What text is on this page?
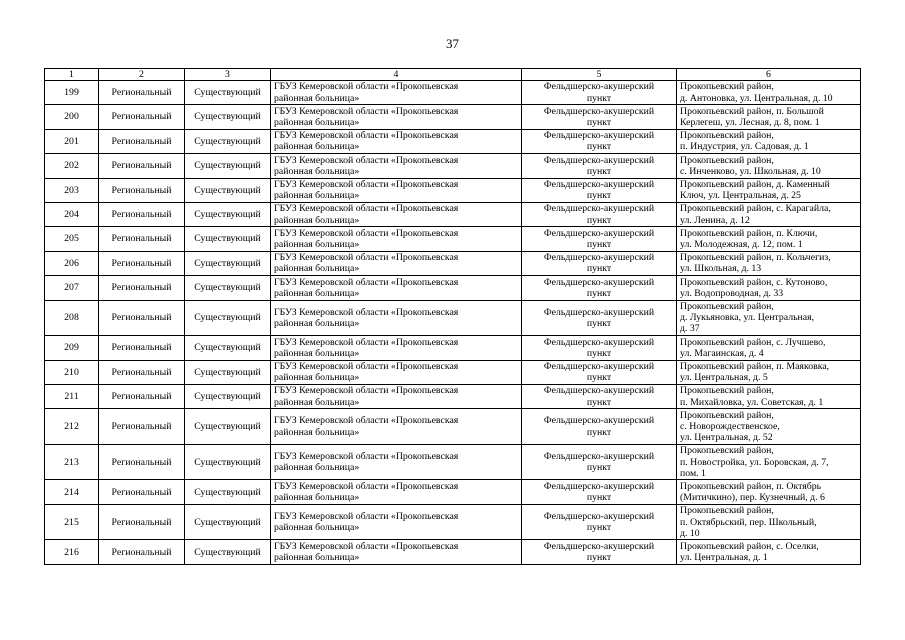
37
1	2	3	4	5	6
199	Региональный	Существующий	ГБУЗ Кемеровской области «Прокопьевская
районная больница»	Фельдшерско-акушерский
пункт	Прокопьевский район,
д. Антоновка, ул. Центральная, д. 10

200	Региональный	Существующий	ГБУЗ Кемеровской области «Прокопьевская
районная больница»	Фельдшерско-акушерский
пункт	Прокопьевский район, п. Большой
Керлегеш, ул. Лесная, д. 8, пом. 1

201	Региональный	Существующий	ГБУЗ Кемеровской области «Прокопьевская
районная больница»	Фельдшерско-акушерский
пункт	Прокопьевский район,
п. Индустрия, ул. Садовая, д. 1

202	Региональный	Существующий	ГБУЗ Кемеровской области «Прокопьевская
районная больница»	Фельдшерско-акушерский
пункт	Прокопьевский район,
с. Инченково, ул. Школьная, д. 10

203	Региональный	Существующий	ГБУЗ Кемеровской области «Прокопьевская
районная больница»	Фельдшерско-акушерский
пункт	Прокопьевский район, д. Каменный
Ключ, ул. Центральная, д. 25

204	Региональный	Существующий	ГБУЗ Кемеровской области «Прокопьевская
районная больница»	Фельдшерско-акушерский
пункт	Прокопьевский район, с. Карагайла,
ул. Ленина, д. 12

205	Региональный	Существующий	ГБУЗ Кемеровской области «Прокопьевская
районная больница»	Фельдшерско-акушерский
пункт	Прокопьевский район, п. Ключи,
ул. Молодежная, д. 12, пом. 1

206	Региональный	Существующий	ГБУЗ Кемеровской области «Прокопьевская
районная больница»	Фельдшерско-акушерский
пункт	Прокопьевский район, п. Кольчегиз,
ул. Школьная, д. 13

207	Региональный	Существующий	ГБУЗ Кемеровской области «Прокопьевская
районная больница»	Фельдшерско-акушерский
пункт	Прокопьевский район, с. Кутоново,
ул. Водопроводная, д. 33

208	Региональный	Существующий	ГБУЗ Кемеровской области «Прокопьевская
районная больница»	Фельдшерско-акушерский
пункт	Прокопьевский район,
д. Лукьяновка, ул. Центральная,
д. 37

209	Региональный	Существующий	ГБУЗ Кемеровской области «Прокопьевская
районная больница»	Фельдшерско-акушерский
пункт	Прокопьевский район, с. Лучшево,
ул. Магаинская, д. 4

210	Региональный	Существующий	ГБУЗ Кемеровской области «Прокопьевская
районная больница»	Фельдшерско-акушерский
пункт	Прокопьевский район, п. Маяковка,
ул. Центральная, д. 5

211	Региональный	Существующий	ГБУЗ Кемеровской области «Прокопьевская
районная больница»	Фельдшерско-акушерский
пункт	Прокопьевский район,
п. Михайловка, ул. Советская, д. 1

212	Региональный	Существующий	ГБУЗ Кемеровской области «Прокопьевская
районная больница»	Фельдшерско-акушерский
пункт	Прокопьевский район,
с. Новорождественское,
ул. Центральная, д. 52

213	Региональный	Существующий	ГБУЗ Кемеровской области «Прокопьевская
районная больница»	Фельдшерско-акушерский
пункт	Прокопьевский район,
п. Новостройка, ул. Боровская, д. 7,
пом. 1

214	Региональный	Существующий	ГБУЗ Кемеровской области «Прокопьевская
районная больница»	Фельдшерско-акушерский
пункт	Прокопьевский район, п. Октябрь
(Митичкино), пер. Кузнечный, д. 6

215	Региональный	Существующий	ГБУЗ Кемеровской области «Прокопьевская
районная больница»	Фельдшерско-акушерский
пункт	Прокопьевский район,
п. Октябрьский, пер. Школьный,
д. 10

216	Региональный	Существующий	ГБУЗ Кемеровской области «Прокопьевская
районная больница»	Фельдшерско-акушерский
пункт	Прокопьевский район, с. Оселки,
ул. Центральная, д. 1
